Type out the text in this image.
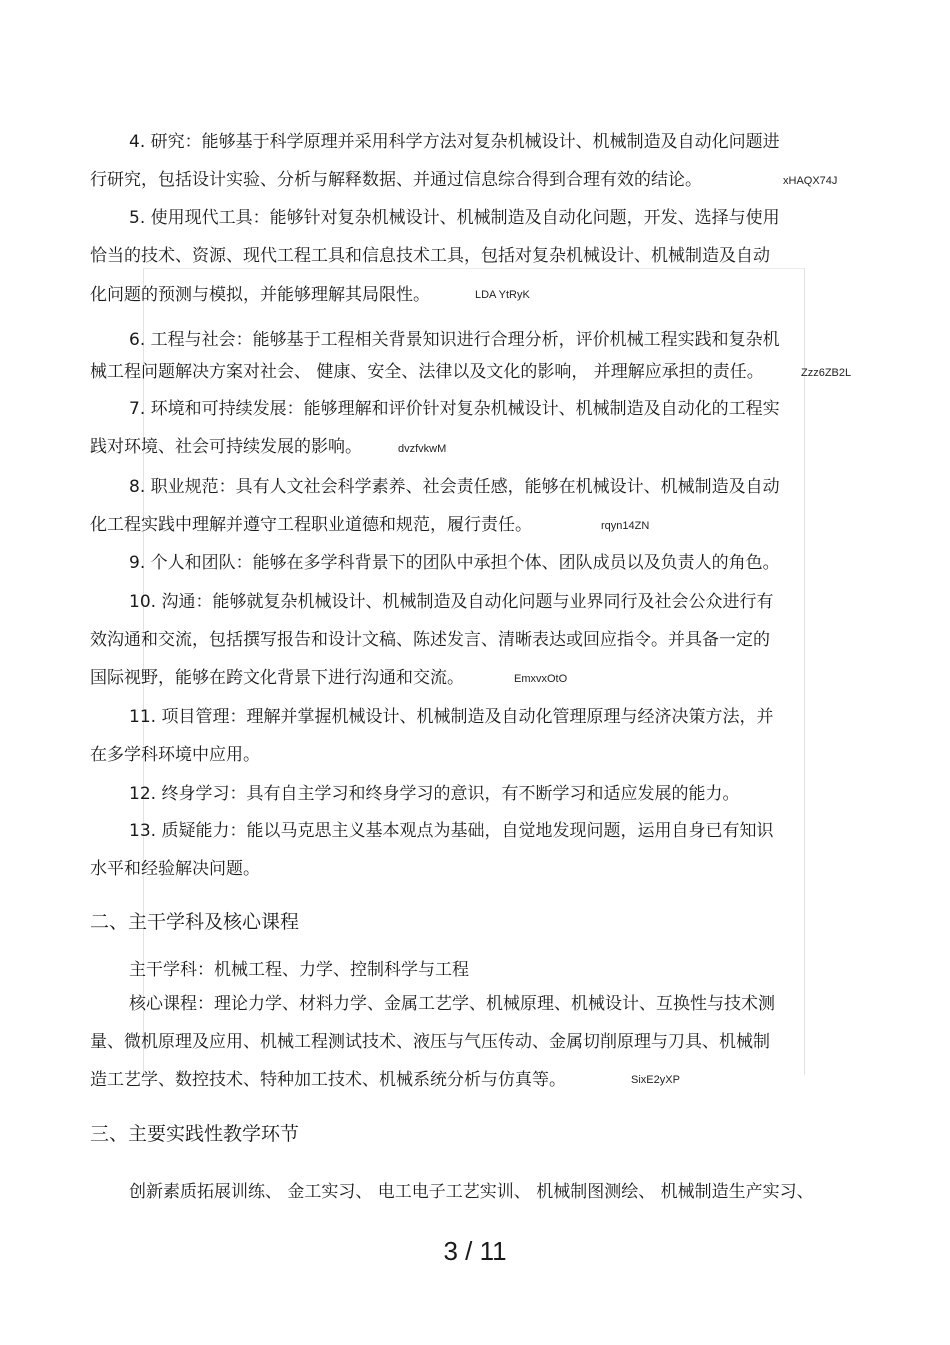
4. 研究：能够基于科学原理并采用科学方法对复杂机械设计、机械制造及自动化问题进
行研究，包括设计实验、分析与解释数据、并通过信息综合得到合理有效的结论。	xHAQX74J
5. 使用现代工具：能够针对复杂机械设计、机械制造及自动化问题，开发、选择与使用
恰当的技术、资源、现代工程工具和信息技术工具，包括对复杂机械设计、机械制造及自动
化问题的预测与模拟，并能够理解其局限性。	LDA YtRyK
6. 工程与社会：能够基于工程相关背景知识进行合理分析，评价机械工程实践和复杂机
械工程问题解决方案对社会、 健康、安全、法律以及文化的影响， 并理解应承担的责任。	Zzz6ZB2L
7. 环境和可持续发展：能够理解和评价针对复杂机械设计、机械制造及自动化的工程实
践对环境、社会可持续发展的影响。	dvzfvkwM
8. 职业规范：具有人文社会科学素养、社会责任感，能够在机械设计、机械制造及自动
化工程实践中理解并遵守工程职业道德和规范，履行责任。	rqyn14ZN
9. 个人和团队：能够在多学科背景下的团队中承担个体、团队成员以及负责人的角色。
10. 沟通：能够就复杂机械设计、机械制造及自动化问题与业界同行及社会公众进行有
效沟通和交流，包括撰写报告和设计文稿、陈述发言、清晰表达或回应指令。并具备一定的
国际视野，能够在跨文化背景下进行沟通和交流。	EmxvxOtO
11. 项目管理：理解并掌握机械设计、机械制造及自动化管理原理与经济决策方法，并
在多学科环境中应用。
12. 终身学习：具有自主学习和终身学习的意识，有不断学习和适应发展的能力。
13. 质疑能力：能以马克思主义基本观点为基础，自觉地发现问题，运用自身已有知识
水平和经验解决问题。
二、主干学科及核心课程
主干学科：机械工程、力学、控制科学与工程
核心课程：理论力学、材料力学、金属工艺学、机械原理、机械设计、互换性与技术测
量、微机原理及应用、机械工程测试技术、液压与气压传动、金属切削原理与刀具、机械制
造工艺学、数控技术、特种加工技术、机械系统分析与仿真等。	SixE2yXP
三、主要实践性教学环节
创新素质拓展训练、 金工实习、 电工电子工艺实训、 机械制图测绘、 机械制造生产实习、
3 / 11
